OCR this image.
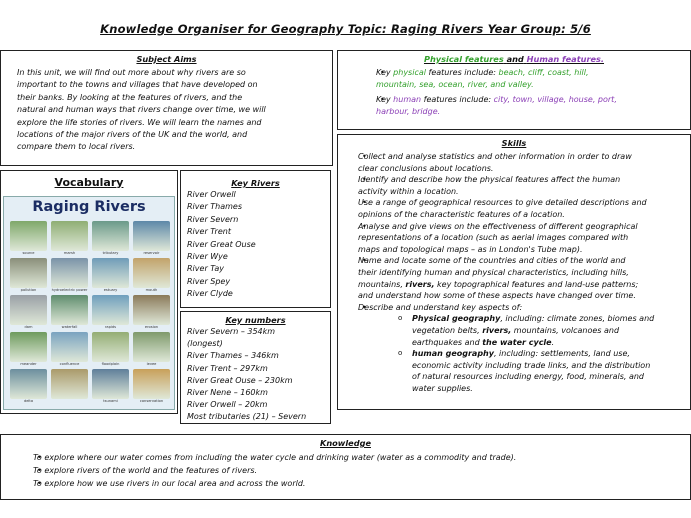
Knowledge Organiser for Geography Topic: Raging Rivers Year Group: 5/6
Subject Aims
In this unit, we will find out more about why rivers are so
important to the towns and villages that have developed on
their banks. By looking at the features of rivers, and the
natural and human ways that rivers change over time, we will
explore the life stories of rivers. We will learn the names and
locations of the major rivers of the UK and the world, and
compare them to local rivers.
Physical features and Human features.
• Key physical features include: beach, cliff, coast, hill,
mountain, sea, ocean, river, and valley.
• Key human features include: city, town, village, house, port,
harbour, bridge.
Vocabulary
Raging Rivers
source	marsh	tributary	reservoir
pollution	hydroelectric power	estuary	mouth
dam	waterfall	rapids	erosion
meander	confluence	floodplain	levee
delta	tsunami	conservation
Key Rivers
River Orwell
River Thames
River Severn
River Trent
River Great Ouse
River Wye
River Tay
River Spey
River Clyde
Key numbers
River Severn – 354km
(longest)
River Thames – 346km
River Trent – 297km
River Great Ouse – 230km
River Nene – 160km
River Orwell – 20km
Most tributaries (21) – Severn
Skills
• Collect and analyse statistics and other information in order to draw
clear conclusions about locations.
• Identify and describe how the physical features affect the human
activity within a location.
• Use a range of geographical resources to give detailed descriptions and
opinions of the characteristic features of a location.
• Analyse and give views on the effectiveness of different geographical
representations of a location (such as aerial images compared with
maps and topological maps – as in London's Tube map).
• Name and locate some of the countries and cities of the world and
their identifying human and physical characteristics, including hills,
mountains, rivers, key topographical features and land-use patterns;
and understand how some of these aspects have changed over time.
• Describe and understand key aspects of:
o Physical geography, including: climate zones, biomes and
vegetation belts, rivers, mountains, volcanoes and
earthquakes and the water cycle.
o human geography, including: settlements, land use,
economic activity including trade links, and the distribution
of natural resources including energy, food, minerals, and
water supplies.
Knowledge
• To explore where our water comes from including the water cycle and drinking water (water as a commodity and trade).
• To explore rivers of the world and the features of rivers.
• To explore how we use rivers in our local area and across the world.
